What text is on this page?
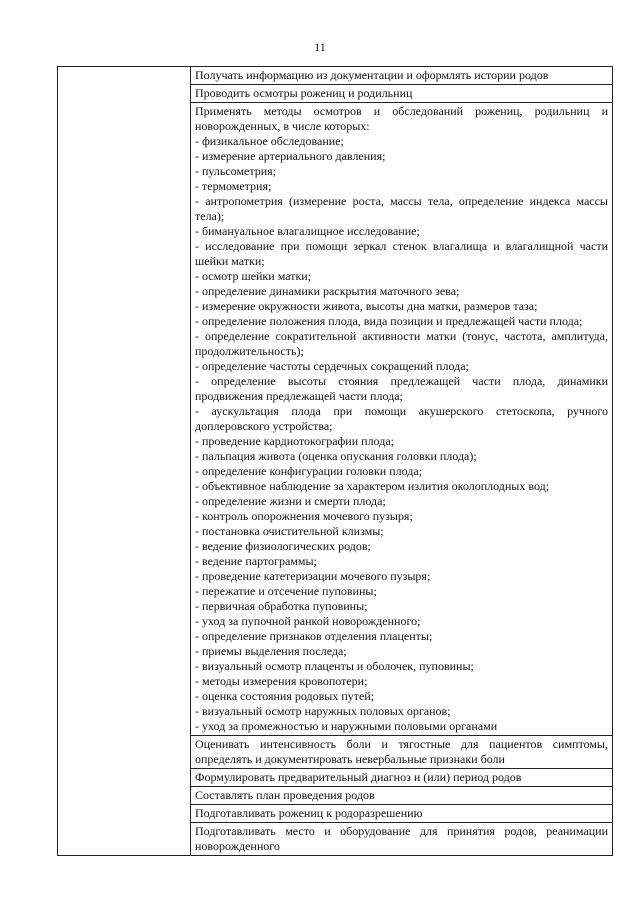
11
	Получать информацию из документации и оформлять истории родов
Проводить осмотры рожениц и родильниц

Применять методы осмотров и обследований рожениц, родильниц и новорожденных, в числе которых:
- физикальное обследование;
- измерение артериального давления;
- пульсометрия;
- термометрия;
- антропометрия (измерение роста, массы тела, определение индекса массы тела);
- бимануальное влагалищное исследование;
- исследование при помощи зеркал стенок влагалища и влагалищной части шейки матки;
- осмотр шейки матки;
- определение динамики раскрытия маточного зева;
- измерение окружности живота, высоты дна матки, размеров таза;
- определение положения плода, вида позиции и предлежащей части плода;
- определение сократительной активности матки (тонус, частота, амплитуда, продолжительность);
- определение частоты сердечных сокращений плода;
- определение высоты стояния предлежащей части плода, динамики продвижения предлежащей части плода;
- аускультация плода при помощи акушерского стетоскопа, ручного доплеровского устройства;
- проведение кардиотокографии плода;
- пальпация живота (оценка опускания головки плода);
- определение конфигурации головки плода;
- объективное наблюдение за характером излития околоплодных вод;
- определение жизни и смерти плода;
- контроль опорожнения мочевого пузыря;
- постановка очистительной клизмы;
- ведение физиологических родов;
- ведение партограммы;
- проведение катетеризации мочевого пузыря;
- пережатие и отсечение пуповины;
- первичная обработка пуповины;
- уход за пупочной ранкой новорожденного;
- определение признаков отделения плаценты;
- приемы выделения последа;
- визуальный осмотр плаценты и оболочек, пуповины;
- методы измерения кровопотери;
- оценка состояния родовых путей;
- визуальный осмотр наружных половых органов;
- уход за промежностью и наружными половыми органами

Оценивать интенсивность боли и тягостные для пациентов симптомы, определять и документировать невербальные признаки боли
Формулировать предварительный диагноз и (или) период родов
Составлять план проведения родов
Подготавливать рожениц к родоразрешению
Подготавливать место и оборудование для принятия родов, реанимации новорожденного
